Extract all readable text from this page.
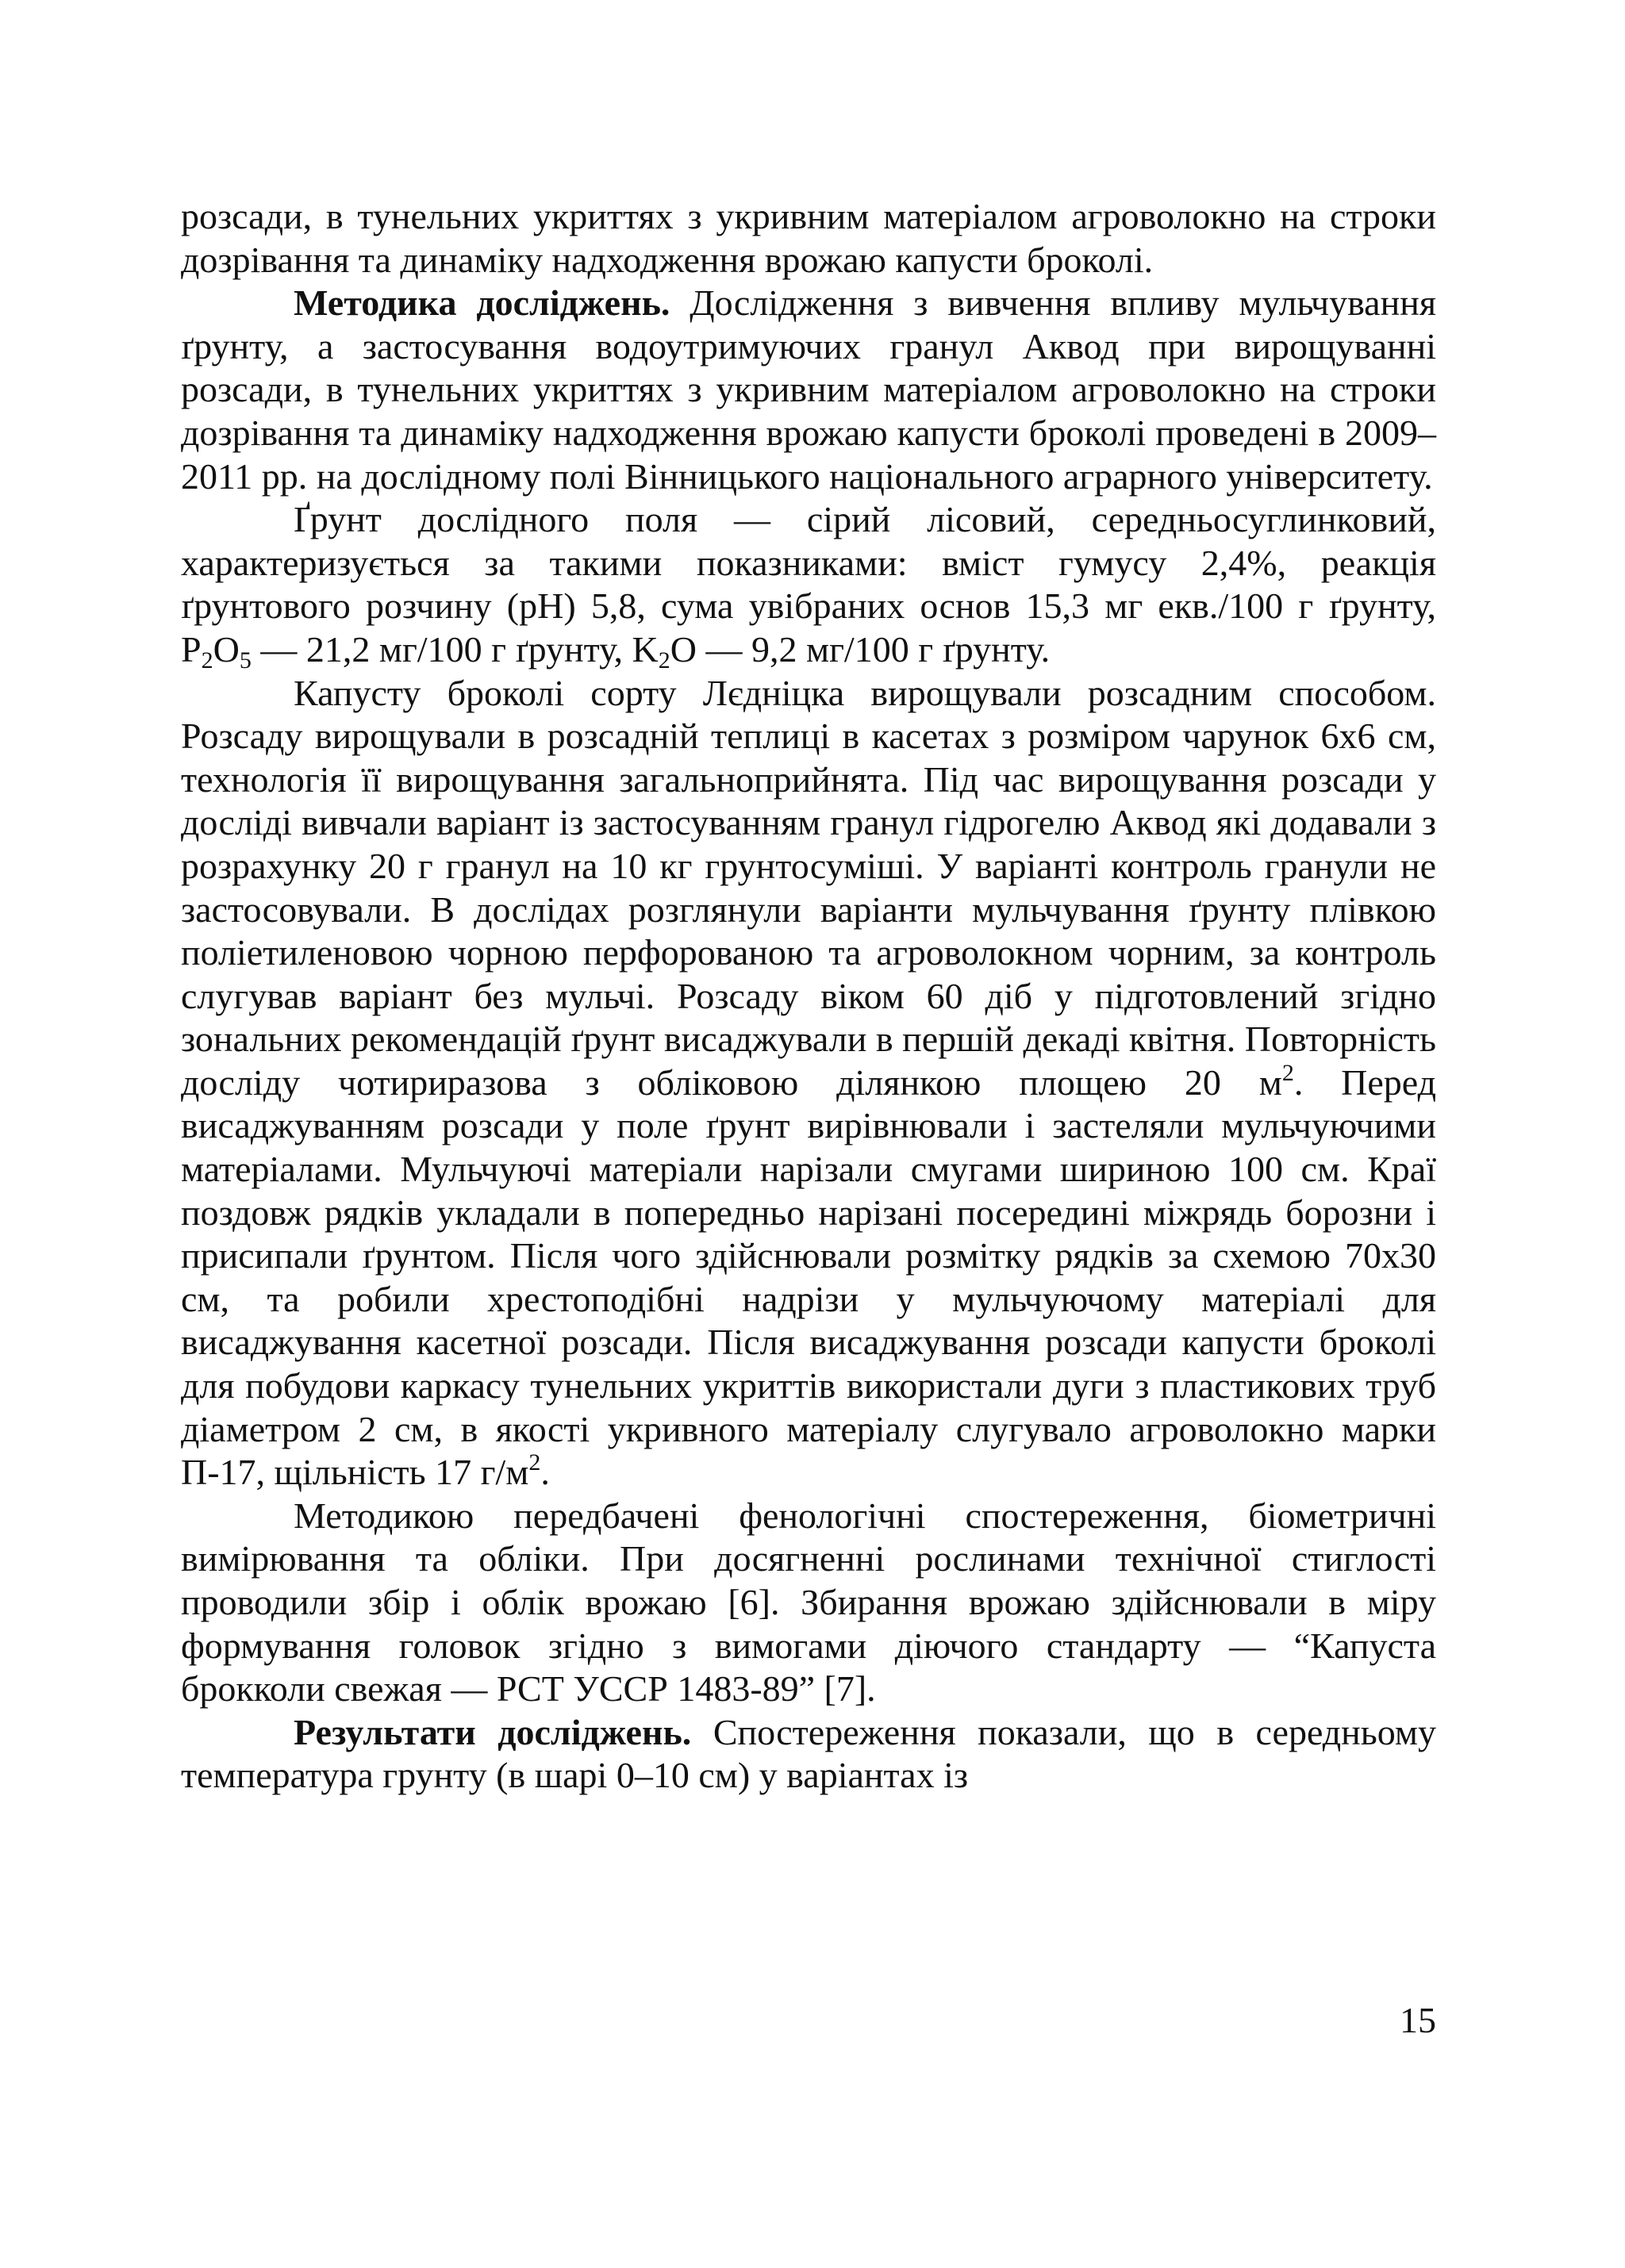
розсади, в тунельних укриттях з укривним матеріалом агроволокно на строки дозрівання та динаміку надходження врожаю капусти броколі.

Методика досліджень. Дослідження з вивчення впливу мульчування ґрунту, а застосування водоутримуючих гранул Аквод при вирощуванні розсади, в тунельних укриттях з укривним матеріалом агроволокно на строки дозрівання та динаміку надходження врожаю капусти броколі проведені в 2009–2011 рр. на дослідному полі Вінницького національного аграрного університету.

Ґрунт дослідного поля — сірий лісовий, середньосуглинковий, характеризується за такими показниками: вміст гумусу 2,4%, реакція ґрунтового розчину (pH) 5,8, сума увібраних основ 15,3 мг екв./100 г ґрунту, $P_2O_5$ — 21,2 мг/100 г ґрунту, $K_2O$ — 9,2 мг/100 г ґрунту.

Капусту броколі сорту Лєдніцка вирощували розсадним способом. Розсаду вирощували в розсадній теплиці в касетах з розміром чарунок 6х6 см, технологія її вирощування загальноприйнята. Під час вирощування розсади у досліді вивчали варіант із застосуванням гранул гідрогелю Аквод які додавали з розрахунку 20 г гранул на 10 кг грунтосуміші. У варіанті контроль гранули не застосовували. В дослідах розглянули варіанти мульчування ґрунту плівкою поліетиленовою чорною перфорованою та агроволокном чорним, за контроль слугував варіант без мульчі. Розсаду віком 60 діб у підготовлений згідно зональних рекомендацій ґрунт висаджували в першій декаді квітня. Повторність досліду чотириразова з обліковою ділянкою площею 20 $м^2$. Перед висаджуванням розсади у поле ґрунт вирівнювали і застеляли мульчуючими матеріалами. Мульчуючі матеріали нарізали смугами шириною 100 см. Краї поздовж рядків укладали в попередньо нарізані посередині міжрядь борозни і присипали ґрунтом. Після чого здійснювали розмітку рядків за схемою 70х30 см, та робили хрестоподібні надрізи у мульчуючому матеріалі для висаджування касетної розсади. Після висаджування розсади капусти броколі для побудови каркасу тунельних укриттів використали дуги з пластикових труб діаметром 2 см, в якості укривного матеріалу слугувало агроволокно марки П-17, щільність 17 $г/м^2$.

Методикою передбачені фенологічні спостереження, біометричні вимірювання та обліки. При досягненні рослинами технічної стиглості проводили збір і облік врожаю [6]. Збирання врожаю здійснювали в міру формування головок згідно з вимогами діючого стандарту — “Капуста брокколи свежая — РСТ УССР 1483-89” [7].

Результати досліджень. Спостереження показали, що в середньому температура грунту (в шарі 0–10 см) у варіантах із

15
